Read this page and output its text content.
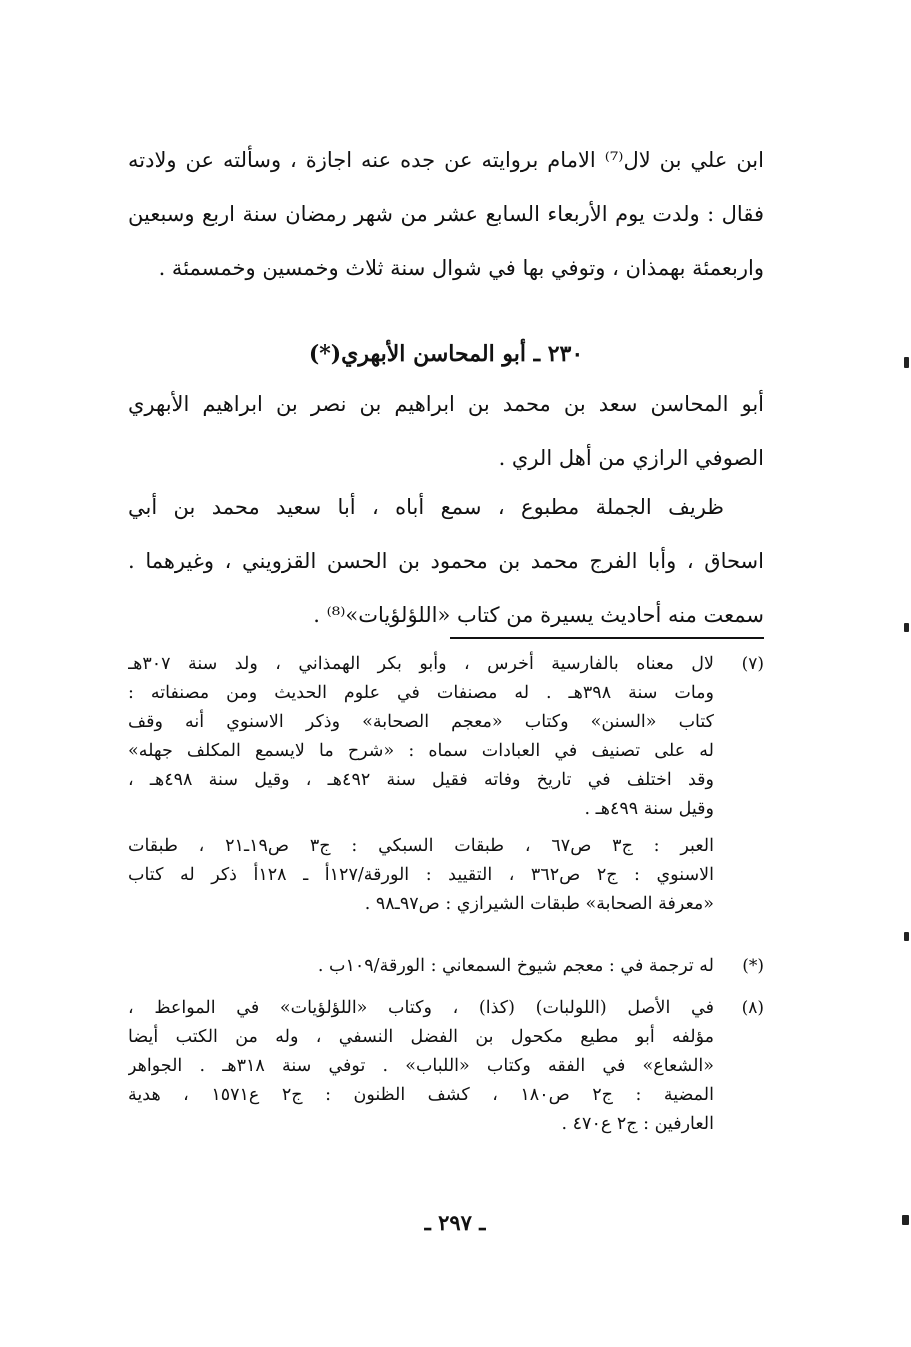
ابن علي بن لال⁽⁷⁾ الامام بروايته عن جده عنه اجازة ، وسألته عن ولادته
فقال : ولدت يوم الأربعاء السابع عشر من شهر رمضان سنة اربع وسبعين
واربعمئة بهمذان ، وتوفي بها في شوال سنة ثلاث وخمسين وخمسمئة .
٢٣٠ ـ أبو المحاسن الأبهري(*)
أبو المحاسن سعد بن محمد بن ابراهيم بن نصر بن ابراهيم الأبهري
الصوفي الرازي من أهل الري .
ظريف الجملة مطبوع ، سمع أباه ، أبا سعيد محمد بن أبي
اسحاق ، وأبا الفرج محمد بن محمود بن الحسن القزويني ، وغيرهما .
سمعت منه أحاديث يسيرة من كتاب «اللؤلؤيات»⁽⁸⁾ .
(٧)
لال معناه بالفارسية أخرس ، وأبو بكر الهمذاني ، ولد سنة ٣٠٧هـ
ومات سنة ٣٩٨هـ . له مصنفات في علوم الحديث ومن مصنفاته :
كتاب «السنن» وكتاب «معجم الصحابة» وذكر الاسنوي أنه وقف
له على تصنيف في العبادات سماه : «شرح ما لايسمع المكلف جهله»
وقد اختلف في تاريخ وفاته فقيل سنة ٤٩٢هـ ، وقيل سنة ٤٩٨هـ ،
وقيل سنة ٤٩٩هـ .
العبر : ج٣ ص٦٧ ، طبقات السبكي : ج٣ ص١٩ـ٢١ ، طبقات
الاسنوي : ج٢ ص٣٦٢ ، التقييد : الورقة/١٢٧أ ـ ١٢٨أ ذكر له كتاب
«معرفة الصحابة» طبقات الشيرازي : ص٩٧ـ٩٨ .
(*)
له ترجمة في : معجم شيوخ السمعاني : الورقة/١٠٩ب .
(٨)
في الأصل (اللولبات) (كذا) ، وكتاب «اللؤلؤيات» في المواعظ ،
مؤلفه أبو مطيع مكحول بن الفضل النسفي ، وله من الكتب أيضا
«الشعاع» في الفقه وكتاب «اللباب» . توفي سنة ٣١٨هـ . الجواهر
المضية : ج٢ ص١٨٠ ، كشف الظنون : ج٢ ع١٥٧١ ، هدية
العارفين : ج٢ ع٤٧٠ .
ـ ٢٩٧ ـ
